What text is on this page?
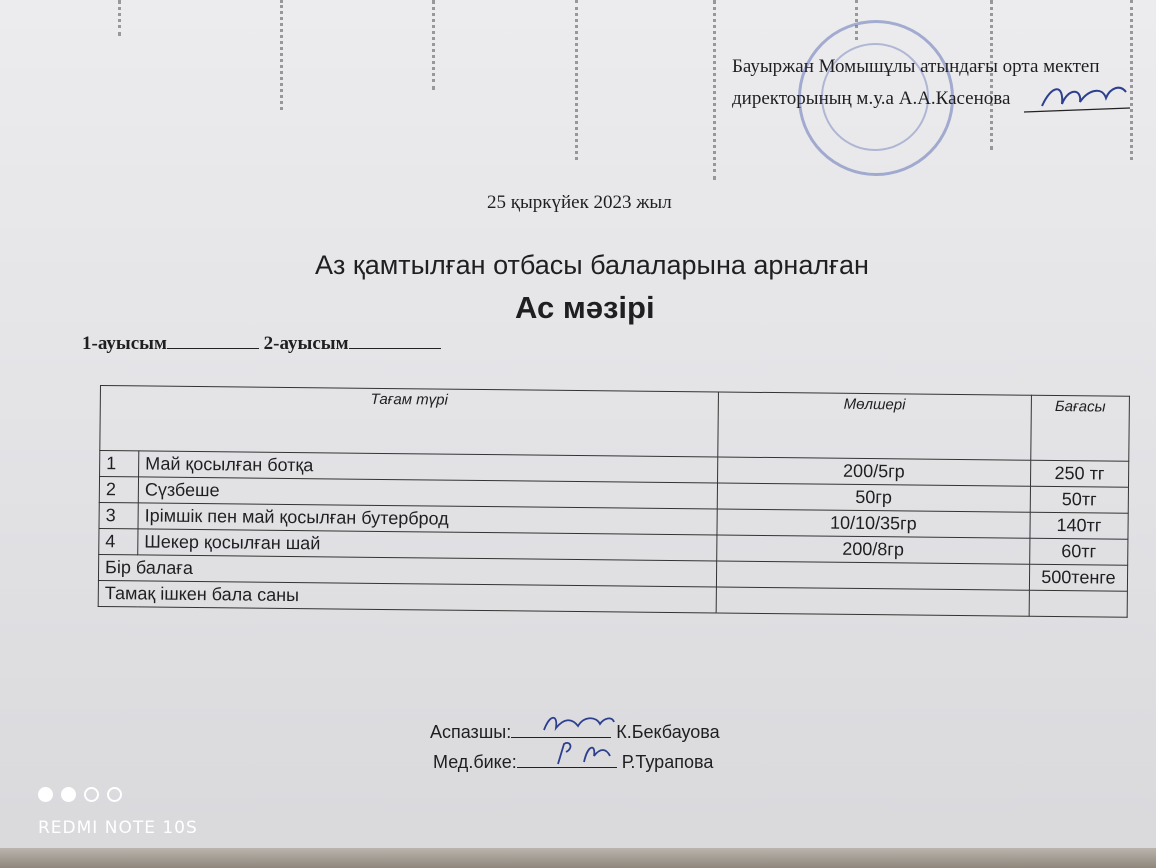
Бауыржан Момышұлы атындағы орта мектеп
директорының м.у.а А.А.Касенова
25 қыркүйек 2023 жыл
Аз қамтылған отбасы балаларына арналған
Ас мәзірі
1-ауысым	2-ауысым
Тағам түрі		Мөлшері	Бағасы
1	Май қосылған ботқа	200/5гр	250 тг
2	Сүзбеше	50гр	50тг
3	Ірімшік пен май қосылған бутерброд	10/10/35гр	140тг
4	Шекер қосылған шай	200/8гр	60тг
Бір балаға			500тенге
Тамақ ішкен бала саны			
Аспазшы:	К.Бекбауова
Мед.бике:	Р.Турапова
REDMI NOTE 10S
